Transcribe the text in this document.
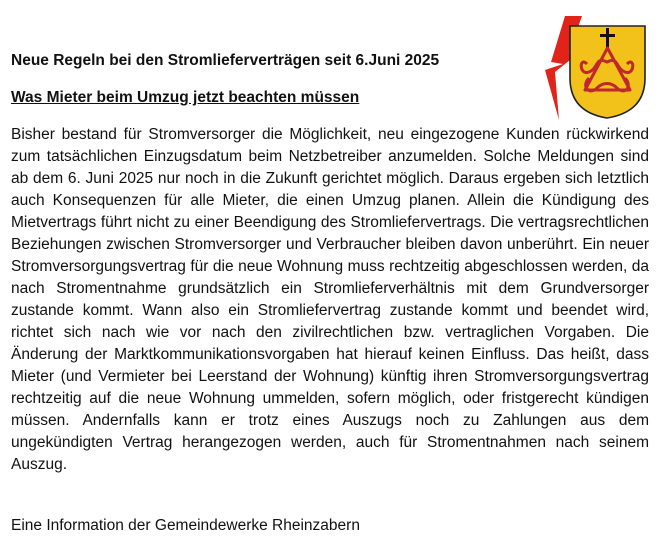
Neue Regeln bei den Stromlieferverträgen seit 6.Juni 2025
Was Mieter beim Umzug jetzt beachten müssen

Bisher bestand für Stromversorger die Möglichkeit, neu eingezogene Kunden rückwirkend zum tatsächlichen Einzugsdatum beim Netzbetreiber anzumelden. Solche Meldungen sind ab dem 6. Juni 2025 nur noch in die Zukunft gerichtet möglich. Daraus ergeben sich letztlich auch Konsequenzen für alle Mieter, die einen Umzug planen. Allein die Kündigung des Mietvertrags führt nicht zu einer Beendigung des Stromliefervertrags. Die vertragsrechtlichen Beziehungen zwischen Stromversorger und Verbraucher bleiben davon unberührt. Ein neuer Stromversorgungsvertrag für die neue Wohnung muss rechtzeitig abgeschlossen werden, da nach Stromentnahme grundsätzlich ein Stromlieferverhältnis mit dem Grundversorger zustande kommt. Wann also ein Stromliefervertrag zustande kommt und beendet wird, richtet sich nach wie vor nach den zivilrechtlichen bzw. vertraglichen Vorgaben. Die Änderung der Marktkommunikationsvorgaben hat hierauf keinen Einfluss. Das heißt, dass Mieter (und Vermieter bei Leerstand der Wohnung) künftig ihren Stromversorgungsvertrag rechtzeitig auf die neue Wohnung ummelden, sofern möglich, oder fristgerecht kündigen müssen. Andernfalls kann er trotz eines Auszugs noch zu Zahlungen aus dem ungekündigten Vertrag herangezogen werden, auch für Stromentnahmen nach seinem Auszug.

Eine Information der Gemeindewerke Rheinzabern
